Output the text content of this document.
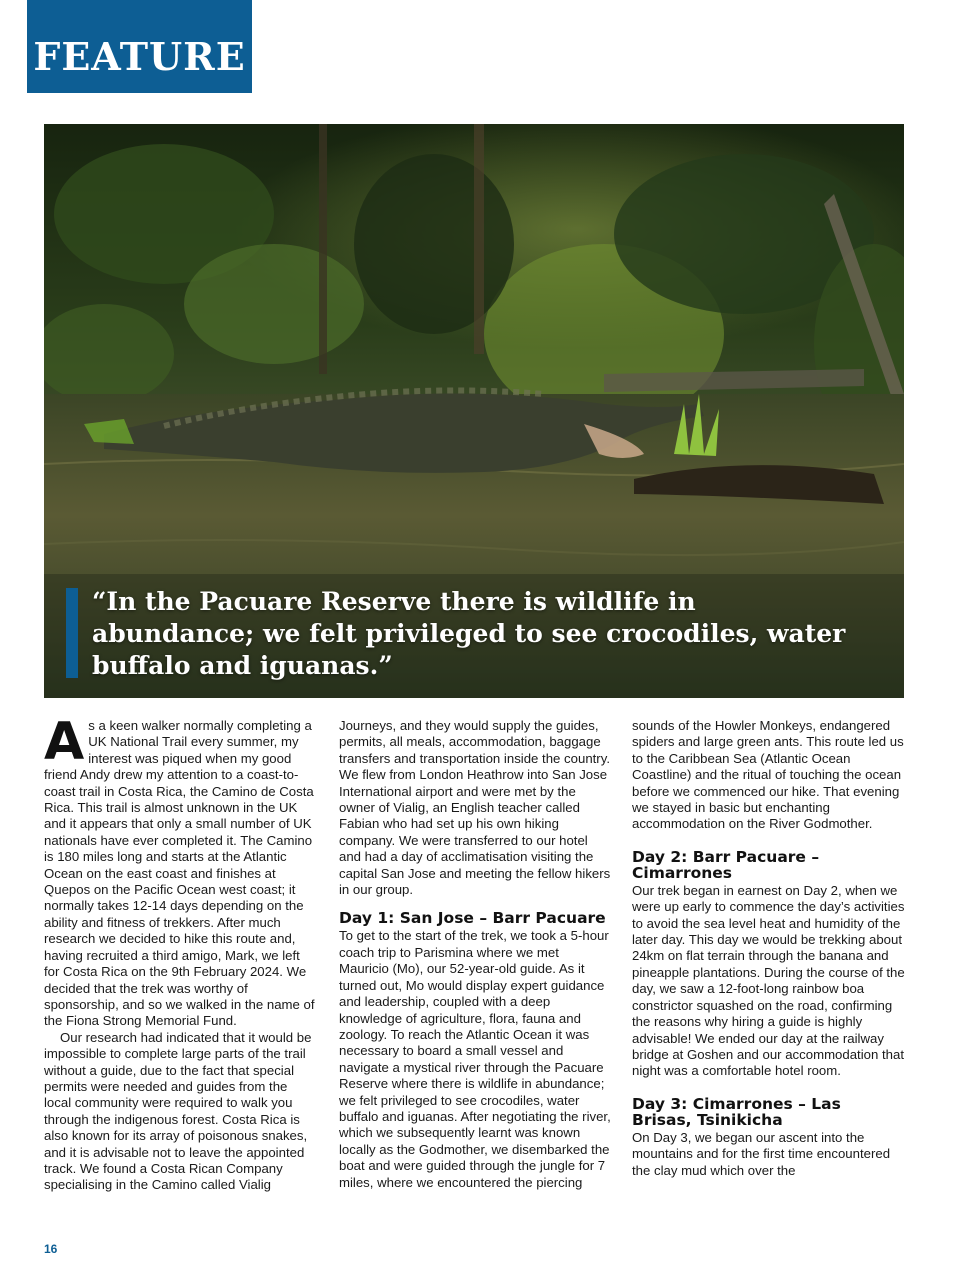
FEATURE
“In the Pacuare Reserve there is wildlife in abundance; we felt privileged to see crocodiles, water buffalo and iguanas.”

As a keen walker normally completing a UK National Trail every summer, my interest was piqued when my good friend Andy drew my attention to a coast-to-coast trail in Costa Rica, the Camino de Costa Rica. This trail is almost unknown in the UK and it appears that only a small number of UK nationals have ever completed it. The Camino is 180 miles long and starts at the Atlantic Ocean on the east coast and finishes at Quepos on the Pacific Ocean west coast; it normally takes 12-14 days depending on the ability and fitness of trekkers. After much research we decided to hike this route and, having recruited a third amigo, Mark, we left for Costa Rica on the 9th February 2024. We decided that the trek was worthy of sponsorship, and so we walked in the name of the Fiona Strong Memorial Fund.

Our research had indicated that it would be impossible to complete large parts of the trail without a guide, due to the fact that special permits were needed and guides from the local community were required to walk you through the indigenous forest. Costa Rica is also known for its array of poisonous snakes, and it is advisable not to leave the appointed track. We found a Costa Rican Company specialising in the Camino called Vialig

Journeys, and they would supply the guides, permits, all meals, accommodation, baggage transfers and transportation inside the country. We flew from London Heathrow into San Jose International airport and were met by the owner of Vialig, an English teacher called Fabian who had set up his own hiking company. We were transferred to our hotel and had a day of acclimatisation visiting the capital San Jose and meeting the fellow hikers in our group.

Day 1: San Jose – Barr Pacuare

To get to the start of the trek, we took a 5-hour coach trip to Parismina where we met Mauricio (Mo), our 52-year-old guide. As it turned out, Mo would display expert guidance and leadership, coupled with a deep knowledge of agriculture, flora, fauna and zoology. To reach the Atlantic Ocean it was necessary to board a small vessel and navigate a mystical river through the Pacuare Reserve where there is wildlife in abundance; we felt privileged to see crocodiles, water buffalo and iguanas. After negotiating the river, which we subsequently learnt was known locally as the Godmother, we disembarked the boat and were guided through the jungle for 7 miles, where we encountered the piercing

sounds of the Howler Monkeys, endangered spiders and large green ants. This route led us to the Caribbean Sea (Atlantic Ocean Coastline) and the ritual of touching the ocean before we commenced our hike. That evening we stayed in basic but enchanting accommodation on the River Godmother.

Day 2: Barr Pacuare – Cimarrones

Our trek began in earnest on Day 2, when we were up early to commence the day’s activities to avoid the sea level heat and humidity of the later day. This day we would be trekking about 24km on flat terrain through the banana and pineapple plantations. During the course of the day, we saw a 12-foot-long rainbow boa constrictor squashed on the road, confirming the reasons why hiring a guide is highly advisable! We ended our day at the railway bridge at Goshen and our accommodation that night was a comfortable hotel room.

Day 3: Cimarrones – Las Brisas, Tsinikicha

On Day 3, we began our ascent into the mountains and for the first time encountered the clay mud which over the

16
